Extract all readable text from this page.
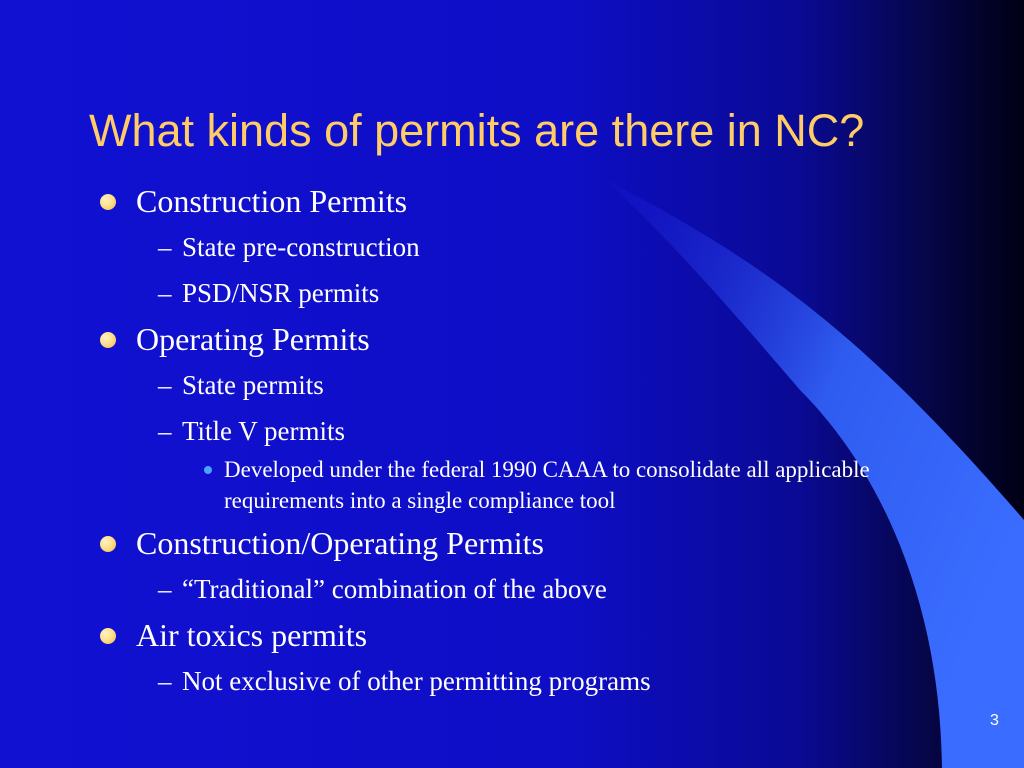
What kinds of permits are there in NC?
Construction Permits
– State pre-construction
– PSD/NSR permits
Operating Permits
– State permits
– Title V permits
Developed under the federal 1990 CAAA to consolidate all applicable requirements into a single compliance tool
Construction/Operating Permits
– “Traditional” combination of the above
Air toxics permits
– Not exclusive of other permitting programs
3
